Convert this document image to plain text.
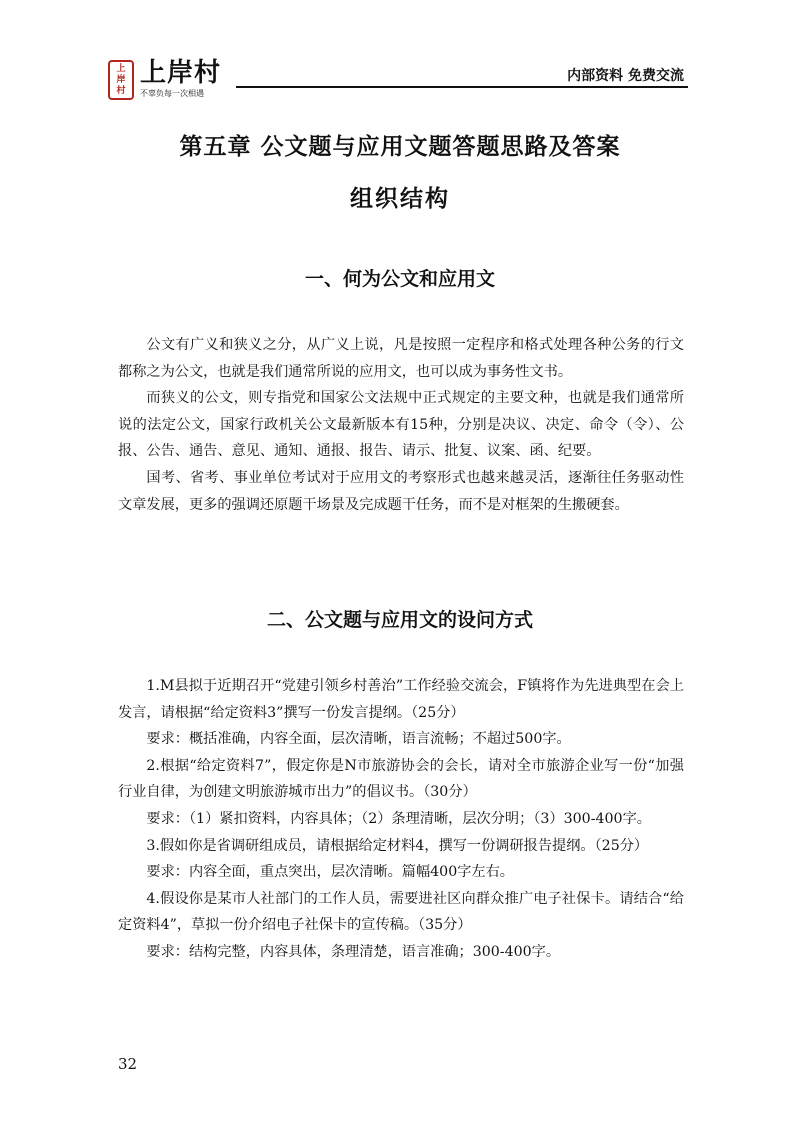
上
岸
村
上岸村
不辜负每一次相遇
内部资料 免费交流
第五章 公文题与应用文题答题思路及答案
组织结构
一、何为公文和应用文

公文有广义和狭义之分，从广义上说，凡是按照一定程序和格式处理各种公务的行文都称之为公文，也就是我们通常所说的应用文，也可以成为事务性文书。

而狭义的公文，则专指党和国家公文法规中正式规定的主要文种，也就是我们通常所说的法定公文，国家行政机关公文最新版本有15种，分别是决议、决定、命令（令）、公报、公告、通告、意见、通知、通报、报告、请示、批复、议案、函、纪要。

国考、省考、事业单位考试对于应用文的考察形式也越来越灵活，逐渐往任务驱动性文章发展，更多的强调还原题干场景及完成题干任务，而不是对框架的生搬硬套。

二、公文题与应用文的设问方式

1.M县拟于近期召开“党建引领乡村善治”工作经验交流会，F镇将作为先进典型在会上发言，请根据“给定资料3”撰写一份发言提纲。（25分）

要求：概括准确，内容全面，层次清晰，语言流畅；不超过500字。

2.根据“给定资料7”，假定你是N市旅游协会的会长，请对全市旅游企业写一份“加强行业自律，为创建文明旅游城市出力”的倡议书。（30分）

要求：（1）紧扣资料，内容具体；（2）条理清晰，层次分明；（3）300-400字。

3.假如你是省调研组成员，请根据给定材料4，撰写一份调研报告提纲。（25分）

要求：内容全面，重点突出，层次清晰。篇幅400字左右。

4.假设你是某市人社部门的工作人员，需要进社区向群众推广电子社保卡。请结合“给定资料4”，草拟一份介绍电子社保卡的宣传稿。（35分）

要求：结构完整，内容具体，条理清楚，语言准确；300-400字。

32
